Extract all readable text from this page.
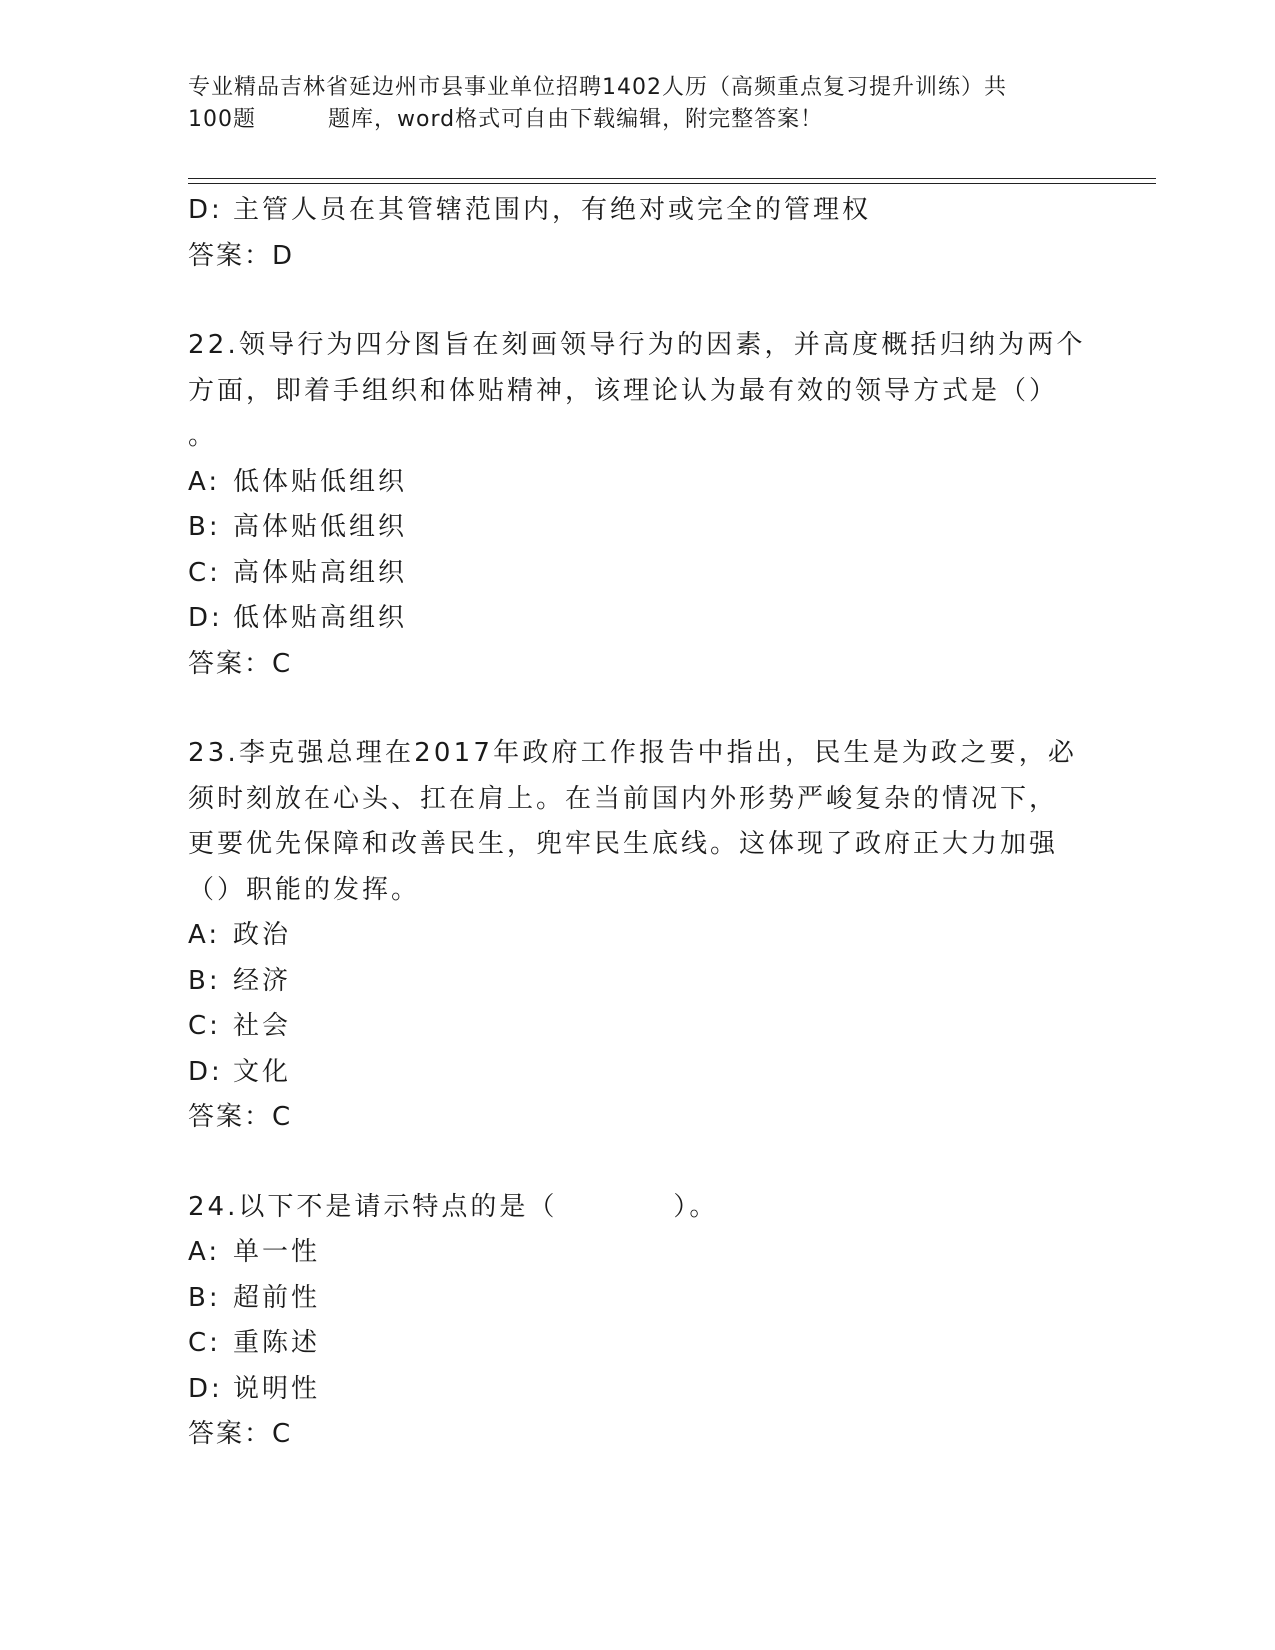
专业精品吉林省延边州市县事业单位招聘1402人历（高频重点复习提升训练）共
100题	题库，word格式可自由下载编辑，附完整答案！
D: 主管人员在其管辖范围内，有绝对或完全的管理权
答案：D
22.领导行为四分图旨在刻画领导行为的因素，并高度概括归纳为两个
方面，即着手组织和体贴精神，该理论认为最有效的领导方式是（）
。
A: 低体贴低组织
B: 高体贴低组织
C: 高体贴高组织
D: 低体贴高组织
答案：C
23.李克强总理在2017年政府工作报告中指出，民生是为政之要，必
须时刻放在心头、扛在肩上。在当前国内外形势严峻复杂的情况下，
更要优先保障和改善民生，兜牢民生底线。这体现了政府正大力加强
（）职能的发挥。
A: 政治
B: 经济
C: 社会
D: 文化
答案：C
24.以下不是请示特点的是（　　　　）。
A: 单一性
B: 超前性
C: 重陈述
D: 说明性
答案：C
